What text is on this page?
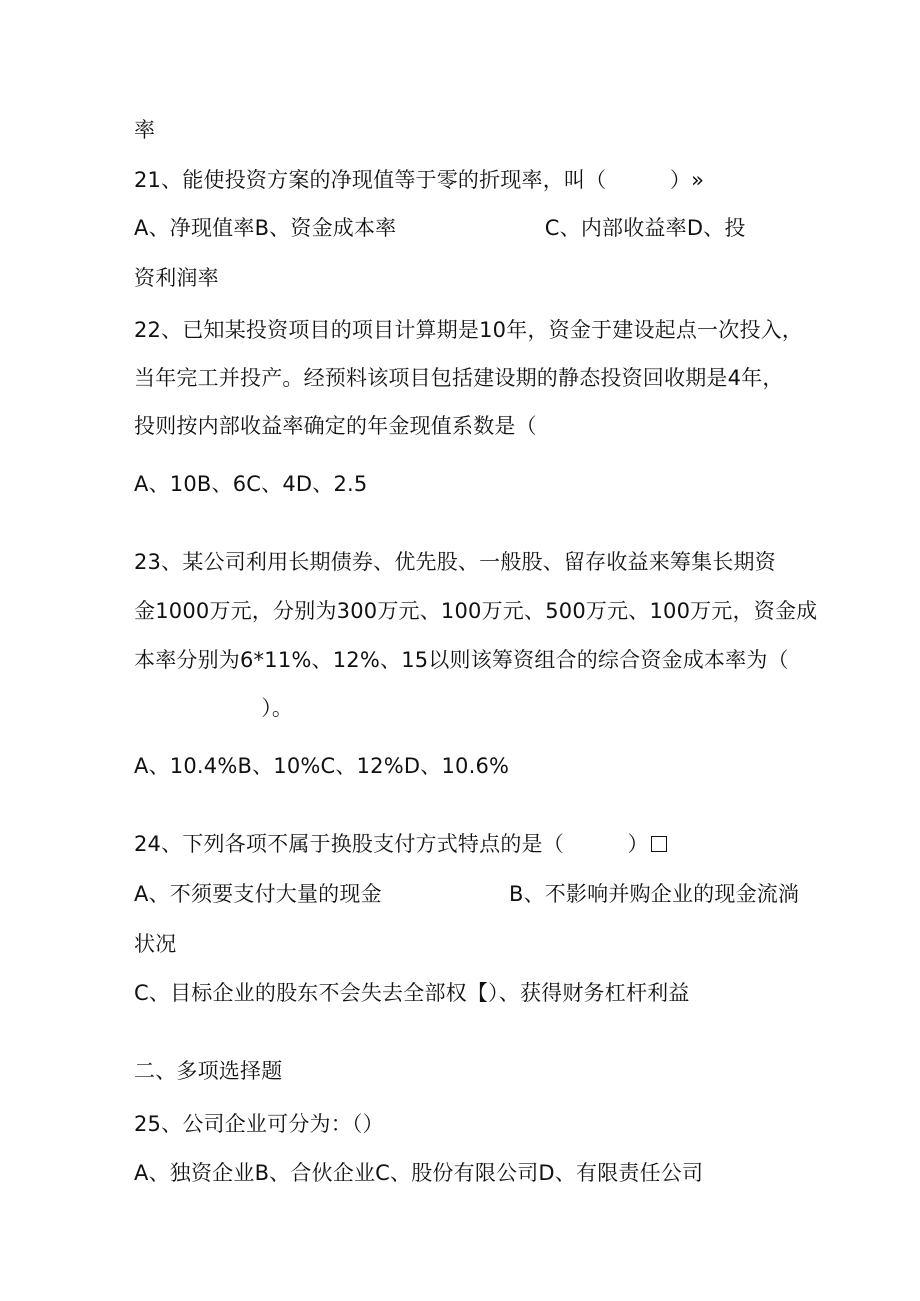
率
21、能使投资方案的净现值等于零的折现率，叫（　　　）»
A、净现值率B、资金成本率　　　　　　　C、内部收益率D、投
资利润率
22、已知某投资项目的项目计算期是10年，资金于建设起点一次投入，
当年完工并投产。经预料该项目包括建设期的静态投资回收期是4年，
投则按内部收益率确定的年金现值系数是（
A、10B、6C、4D、2.5
23、某公司利用长期债券、优先股、一般股、留存收益来筹集长期资
金1000万元，分别为300万元、100万元、500万元、100万元，资金成
本率分别为6*11%、12%、15以则该筹资组合的综合资金成本率为（
　　　　　　）。
A、10.4%B、10%C、12%D、10.6%
24、下列各项不属于换股支付方式特点的是（　　　）
A、不须要支付大量的现金　　　　　　B、不影响并购企业的现金流淌
状况
C、目标企业的股东不会失去全部权【）、获得财务杠杆利益
二、多项选择题
25、公司企业可分为：（）
A、独资企业B、合伙企业C、股份有限公司D、有限责任公司
